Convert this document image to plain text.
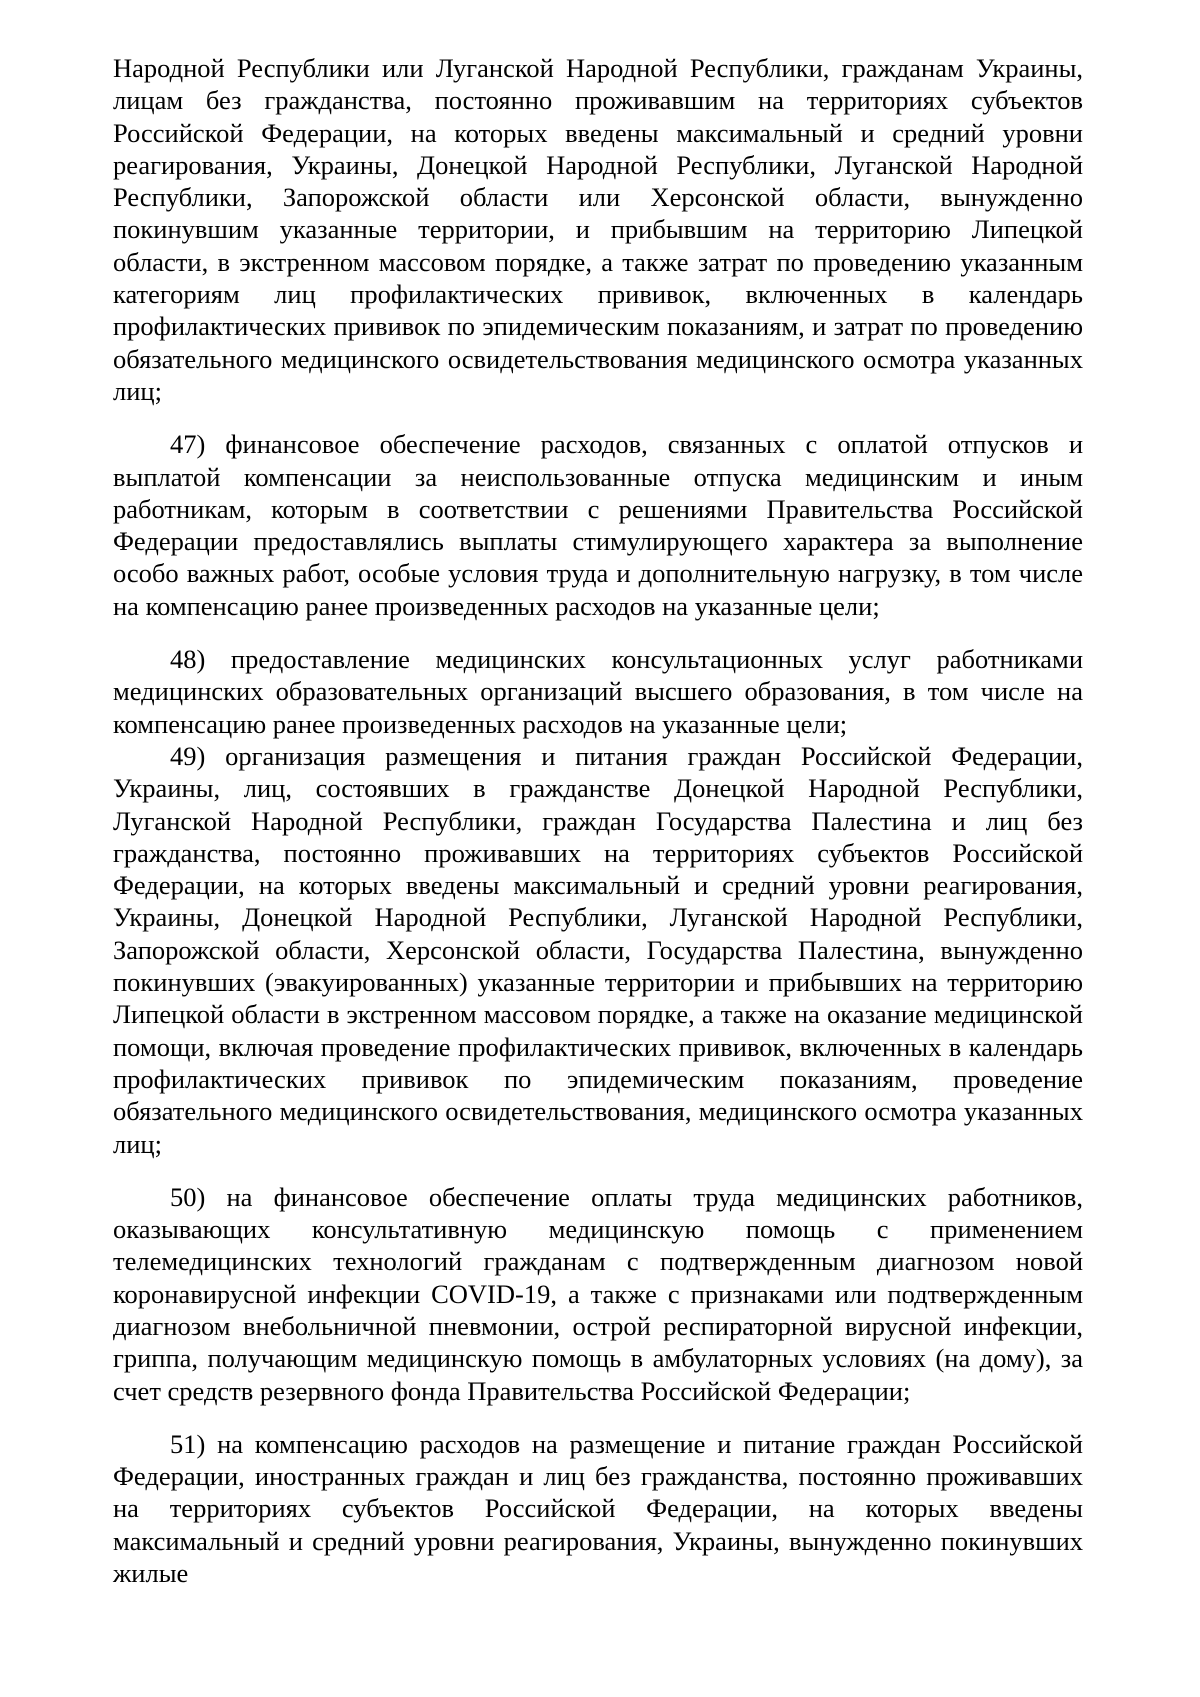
Народной Республики или Луганской Народной Республики, гражданам Украины, лицам без гражданства, постоянно проживавшим на территориях субъектов Российской Федерации, на которых введены максимальный и средний уровни реагирования, Украины, Донецкой Народной Республики, Луганской Народной Республики, Запорожской области или Херсонской области, вынужденно покинувшим указанные территории, и прибывшим на территорию Липецкой области, в экстренном массовом порядке, а также затрат по проведению указанным категориям лиц профилактических прививок, включенных в календарь профилактических прививок по эпидемическим показаниям, и затрат по проведению обязательного медицинского освидетельствования медицинского осмотра указанных лиц;

47) финансовое обеспечение расходов, связанных с оплатой отпусков и выплатой компенсации за неиспользованные отпуска медицинским и иным работникам, которым в соответствии с решениями Правительства Российской Федерации предоставлялись выплаты стимулирующего характера за выполнение особо важных работ, особые условия труда и дополнительную нагрузку, в том числе на компенсацию ранее произведенных расходов на указанные цели;

48) предоставление медицинских консультационных услуг работниками медицинских образовательных организаций высшего образования, в том числе на компенсацию ранее произведенных расходов на указанные цели;

49) организация размещения и питания граждан Российской Федерации, Украины, лиц, состоявших в гражданстве Донецкой Народной Республики, Луганской Народной Республики, граждан Государства Палестина и лиц без гражданства, постоянно проживавших на территориях субъектов Российской Федерации, на которых введены максимальный и средний уровни реагирования, Украины, Донецкой Народной Республики, Луганской Народной Республики, Запорожской области, Херсонской области, Государства Палестина, вынужденно покинувших (эвакуированных) указанные территории и прибывших на территорию Липецкой области в экстренном массовом порядке, а также на оказание медицинской помощи, включая проведение профилактических прививок, включенных в календарь профилактических прививок по эпидемическим показаниям, проведение обязательного медицинского освидетельствования, медицинского осмотра указанных лиц;

50) на финансовое обеспечение оплаты труда медицинских работников, оказывающих консультативную медицинскую помощь с применением телемедицинских технологий гражданам с подтвержденным диагнозом новой коронавирусной инфекции COVID-19, а также с признаками или подтвержденным диагнозом внебольничной пневмонии, острой респираторной вирусной инфекции, гриппа, получающим медицинскую помощь в амбулаторных условиях (на дому), за счет средств резервного фонда Правительства Российской Федерации;

51) на компенсацию расходов на размещение и питание граждан Российской Федерации, иностранных граждан и лиц без гражданства, постоянно проживавших на территориях субъектов Российской Федерации, на которых введены максимальный и средний уровни реагирования, Украины, вынужденно покинувших жилые
